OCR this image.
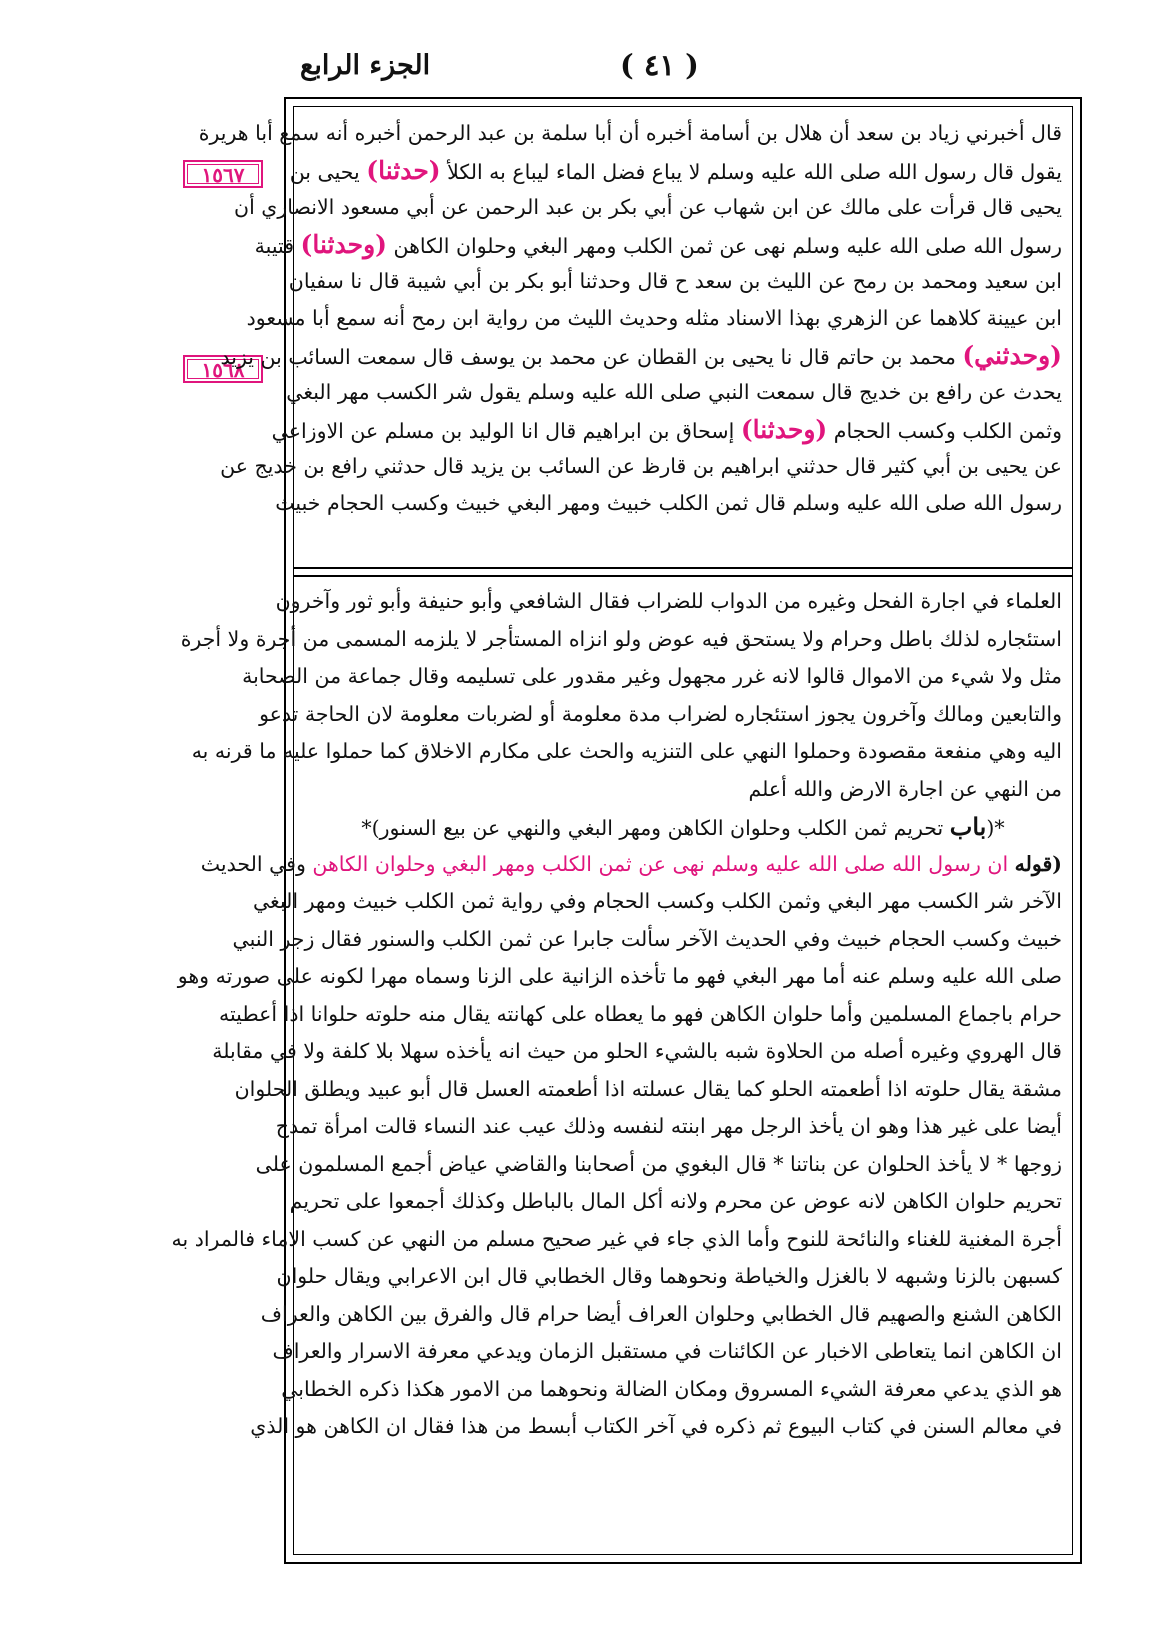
الجزء الرابع	( ٤١ )
١٥٦٧
١٥٦٨
قال أخبرني زياد بن سعد أن هلال بن أسامة أخبره أن أبا سلمة بن عبد الرحمن أخبره أنه سمع أبا هريرة
يقول قال رسول الله صلى الله عليه وسلم لا يباع فضل الماء ليباع به الكلأ (حدثنا) يحيى بن
يحيى قال قرأت على مالك عن ابن شهاب عن أبي بكر بن عبد الرحمن عن أبي مسعود الانصاري أن
رسول الله صلى الله عليه وسلم نهى عن ثمن الكلب ومهر البغي وحلوان الكاهن (وحدثنا) قتيبة
ابن سعيد ومحمد بن رمح عن الليث بن سعد ح قال وحدثنا أبو بكر بن أبي شيبة قال نا سفيان
ابن عيينة كلاهما عن الزهري بهذا الاسناد مثله وحديث الليث من رواية ابن رمح أنه سمع أبا مسعود
(وحدثني) محمد بن حاتم قال نا يحيى بن القطان عن محمد بن يوسف قال سمعت السائب بن يزيد
يحدث عن رافع بن خديج قال سمعت النبي صلى الله عليه وسلم يقول شر الكسب مهر البغي
وثمن الكلب وكسب الحجام (وحدثنا) إسحاق بن ابراهيم قال انا الوليد بن مسلم عن الاوزاعي
عن يحيى بن أبي كثير قال حدثني ابراهيم بن قارظ عن السائب بن يزيد قال حدثني رافع بن خديج عن
رسول الله صلى الله عليه وسلم قال ثمن الكلب خبيث ومهر البغي خبيث وكسب الحجام خبيث
العلماء في اجارة الفحل وغيره من الدواب للضراب فقال الشافعي وأبو حنيفة وأبو ثور وآخرون
استئجاره لذلك باطل وحرام ولا يستحق فيه عوض ولو انزاه المستأجر لا يلزمه المسمى من أجرة ولا أجرة
مثل ولا شيء من الاموال قالوا لانه غرر مجهول وغير مقدور على تسليمه وقال جماعة من الصحابة
والتابعين ومالك وآخرون يجوز استئجاره لضراب مدة معلومة أو لضربات معلومة لان الحاجة تدعو
اليه وهي منفعة مقصودة وحملوا النهي على التنزيه والحث على مكارم الاخلاق كما حملوا عليه ما قرنه به
من النهي عن اجارة الارض والله أعلم
*(باب تحريم ثمن الكلب وحلوان الكاهن ومهر البغي والنهي عن بيع السنور)*
(قوله ان رسول الله صلى الله عليه وسلم نهى عن ثمن الكلب ومهر البغي وحلوان الكاهن وفي الحديث
الآخر شر الكسب مهر البغي وثمن الكلب وكسب الحجام وفي رواية ثمن الكلب خبيث ومهر البغي
خبيث وكسب الحجام خبيث وفي الحديث الآخر سألت جابرا عن ثمن الكلب والسنور فقال زجر النبي
صلى الله عليه وسلم عنه أما مهر البغي فهو ما تأخذه الزانية على الزنا وسماه مهرا لكونه على صورته وهو
حرام باجماع المسلمين وأما حلوان الكاهن فهو ما يعطاه على كهانته يقال منه حلوته حلوانا اذا أعطيته
قال الهروي وغيره أصله من الحلاوة شبه بالشيء الحلو من حيث انه يأخذه سهلا بلا كلفة ولا في مقابلة
مشقة يقال حلوته اذا أطعمته الحلو كما يقال عسلته اذا أطعمته العسل قال أبو عبيد ويطلق الحلوان
أيضا على غير هذا وهو ان يأخذ الرجل مهر ابنته لنفسه وذلك عيب عند النساء قالت امرأة تمدح
زوجها * لا يأخذ الحلوان عن بناتنا * قال البغوي من أصحابنا والقاضي عياض أجمع المسلمون على
تحريم حلوان الكاهن لانه عوض عن محرم ولانه أكل المال بالباطل وكذلك أجمعوا على تحريم
أجرة المغنية للغناء والنائحة للنوح وأما الذي جاء في غير صحيح مسلم من النهي عن كسب الاماء فالمراد به
كسبهن بالزنا وشبهه لا بالغزل والخياطة ونحوهما وقال الخطابي قال ابن الاعرابي ويقال حلوان
الكاهن الشنع والصهيم قال الخطابي وحلوان العراف أيضا حرام قال والفرق بين الكاهن والعراف
ان الكاهن انما يتعاطى الاخبار عن الكائنات في مستقبل الزمان ويدعي معرفة الاسرار والعراف
هو الذي يدعي معرفة الشيء المسروق ومكان الضالة ونحوهما من الامور هكذا ذكره الخطابي
في معالم السنن في كتاب البيوع ثم ذكره في آخر الكتاب أبسط من هذا فقال ان الكاهن هو الذي
